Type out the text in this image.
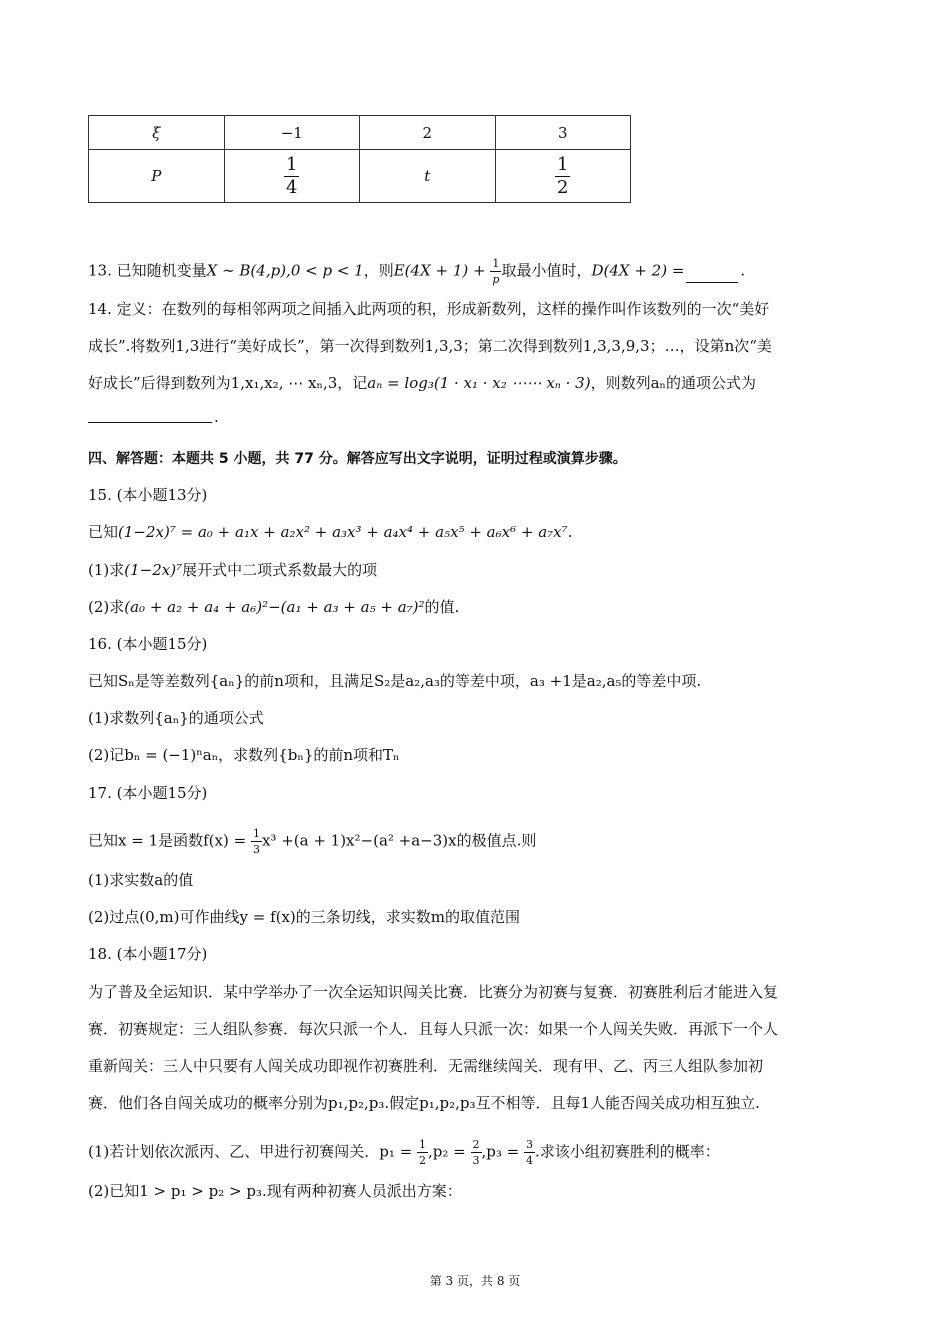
ξ	−1	2	3
P	$\frac{1}{4}$	t	$\frac{1}{2}$
13. 已知随机变量X ∼ B(4,p),0 < p < 1，则$E(4X + 1) + \frac{1}{p}$ 取最小值时，D(4X + 2) =	.
14. 定义：在数列的每相邻两项之间插入此两项的积，形成新数列，这样的操作叫作该数列的一次“美好
成长”.将数列1,3进行“美好成长”，第一次得到数列1,3,3；第二次得到数列1,3,3,9,3；…，设第n次“美
好成长”后得到数列为1,x₁,x₂, ⋯ xₙ,3，记aₙ = log₃(1 · x₁ · x₂ ⋯⋯ xₙ · 3)，则数列aₙ的通项公式为
.
四、解答题：本题共 5 小题，共 77 分。解答应写出文字说明，证明过程或演算步骤。
15. (本小题13分)
已知(1−2x)⁷ = a₀ + a₁x + a₂x² + a₃x³ + a₄x⁴ + a₅x⁵ + a₆x⁶ + a₇x⁷.
(1)求(1−2x)⁷展开式中二项式系数最大的项
(2)求(a₀ + a₂ + a₄ + a₆)²−(a₁ + a₃ + a₅ + a₇)²的值.
16. (本小题15分)
已知Sₙ是等差数列{aₙ}的前n项和，且满足S₂是a₂,a₃的等差中项，a₃ +1是a₂,a₅的等差中项.
(1)求数列{aₙ}的通项公式
(2)记bₙ = (−1)ⁿaₙ，求数列{bₙ}的前n项和Tₙ
17. (本小题15分)
已知x = 1是函数$f(x) = \frac{1}{3} x^3 +(a + 1)x^2-(a^2 +a-3)x$的极值点.则
(1)求实数a的值
(2)过点(0,m)可作曲线y = f(x)的三条切线，求实数m的取值范围
18. (本小题17分)
为了普及全运知识．某中学举办了一次全运知识闯关比赛．比赛分为初赛与复赛．初赛胜利后才能进入复
赛．初赛规定：三人组队参赛．每次只派一个人．且每人只派一次：如果一个人闯关失败．再派下一个人
重新闯关：三人中只要有人闯关成功即视作初赛胜利．无需继续闯关．现有甲、乙、丙三人组队参加初
赛．他们各自闯关成功的概率分别为p₁,p₂,p₃.假定p₁,p₂,p₃互不相等．且每1人能否闯关成功相互独立.
(1)若计划依次派丙、乙、甲进行初赛闯关．$p_1 = \frac{1}{2} ,p_2 = \frac{2}{3} ,p_3 = \frac{3}{4}$ .求该小组初赛胜利的概率：
(2)已知1 > p₁ > p₂ > p₃.现有两种初赛人员派出方案：
第 3 页，共 8 页
